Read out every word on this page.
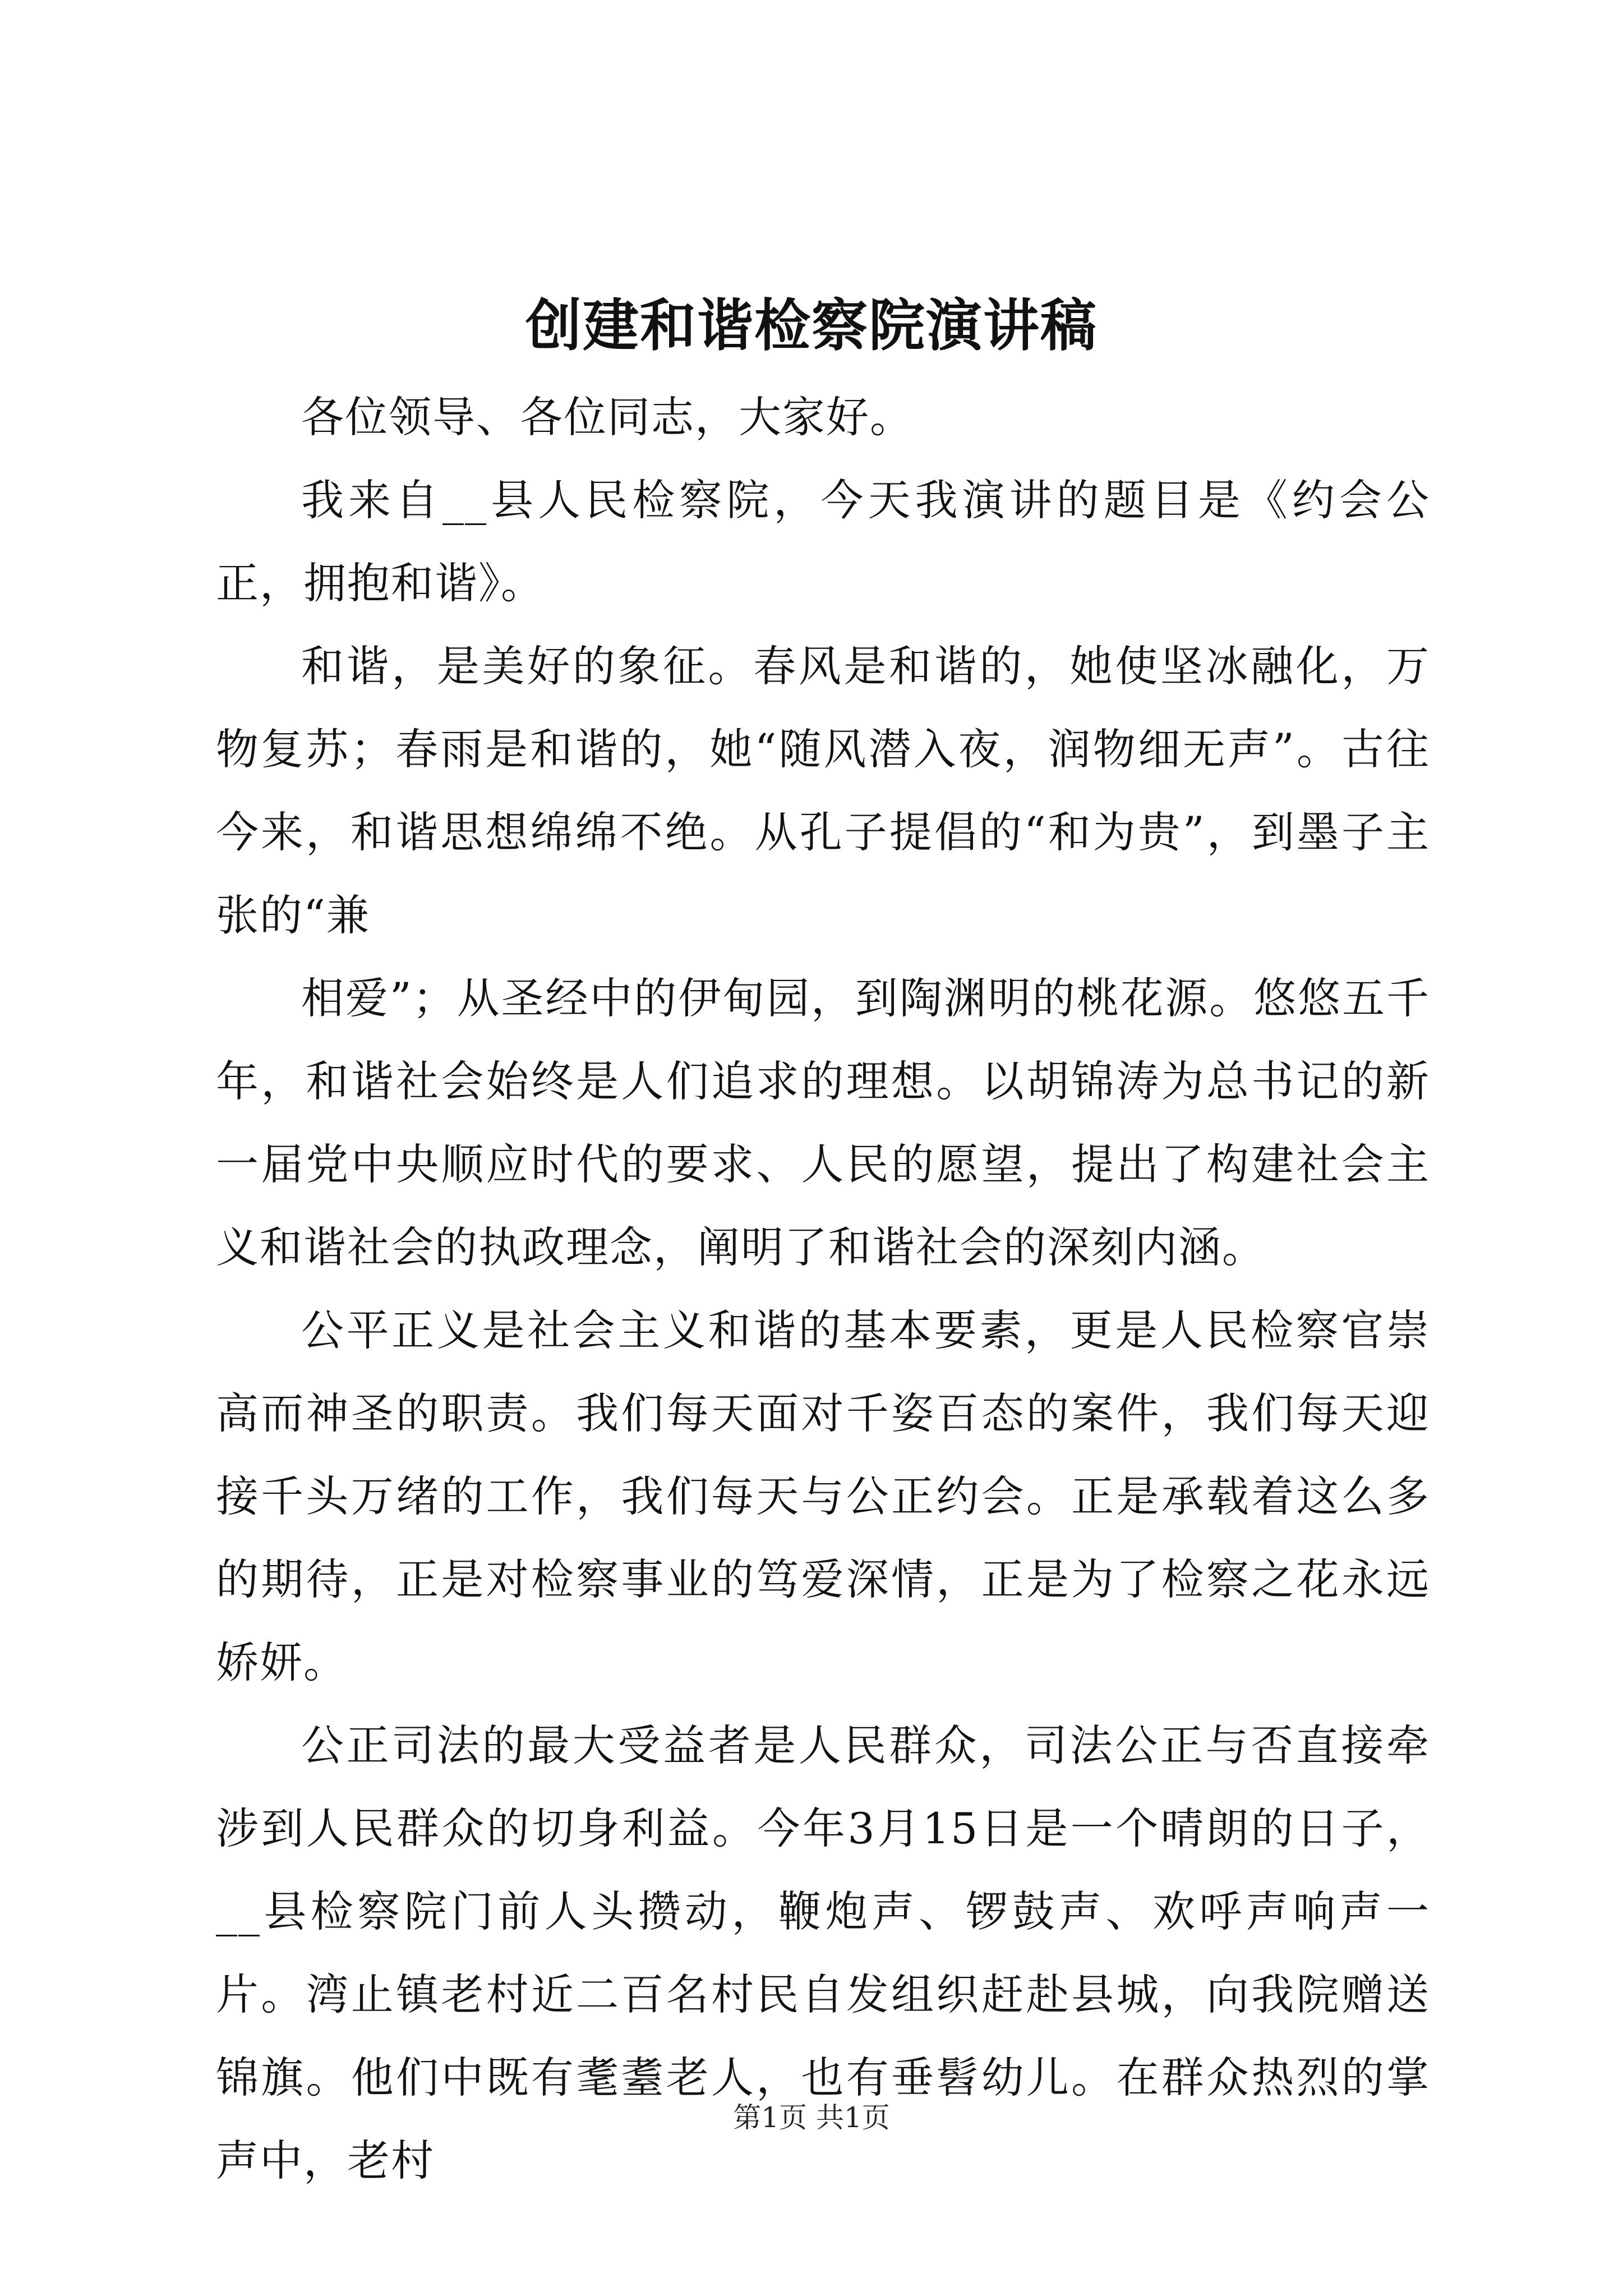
创建和谐检察院演讲稿

各位领导、各位同志，大家好。

我来自__县人民检察院，今天我演讲的题目是《约会公正，拥抱和谐》。

和谐，是美好的象征。春风是和谐的，她使坚冰融化，万物复苏；春雨是和谐的，她“随风潜入夜，润物细无声”。古往今来，和谐思想绵绵不绝。从孔子提倡的“和为贵”，到墨子主张的“兼

相爱”；从圣经中的伊甸园，到陶渊明的桃花源。悠悠五千年，和谐社会始终是人们追求的理想。以胡锦涛为总书记的新一届党中央顺应时代的要求、人民的愿望，提出了构建社会主义和谐社会的执政理念，阐明了和谐社会的深刻内涵。

公平正义是社会主义和谐的基本要素，更是人民检察官崇高而神圣的职责。我们每天面对千姿百态的案件，我们每天迎接千头万绪的工作，我们每天与公正约会。正是承载着这么多的期待，正是对检察事业的笃爱深情，正是为了检察之花永远娇妍。

公正司法的最大受益者是人民群众，司法公正与否直接牵涉到人民群众的切身利益。今年3月15日是一个晴朗的日子，__县检察院门前人头攒动，鞭炮声、锣鼓声、欢呼声响声一片。湾止镇老村近二百名村民自发组织赶赴县城，向我院赠送锦旗。他们中既有耄耋老人，也有垂髫幼儿。在群众热烈的掌声中，老村

第1页 共1页
